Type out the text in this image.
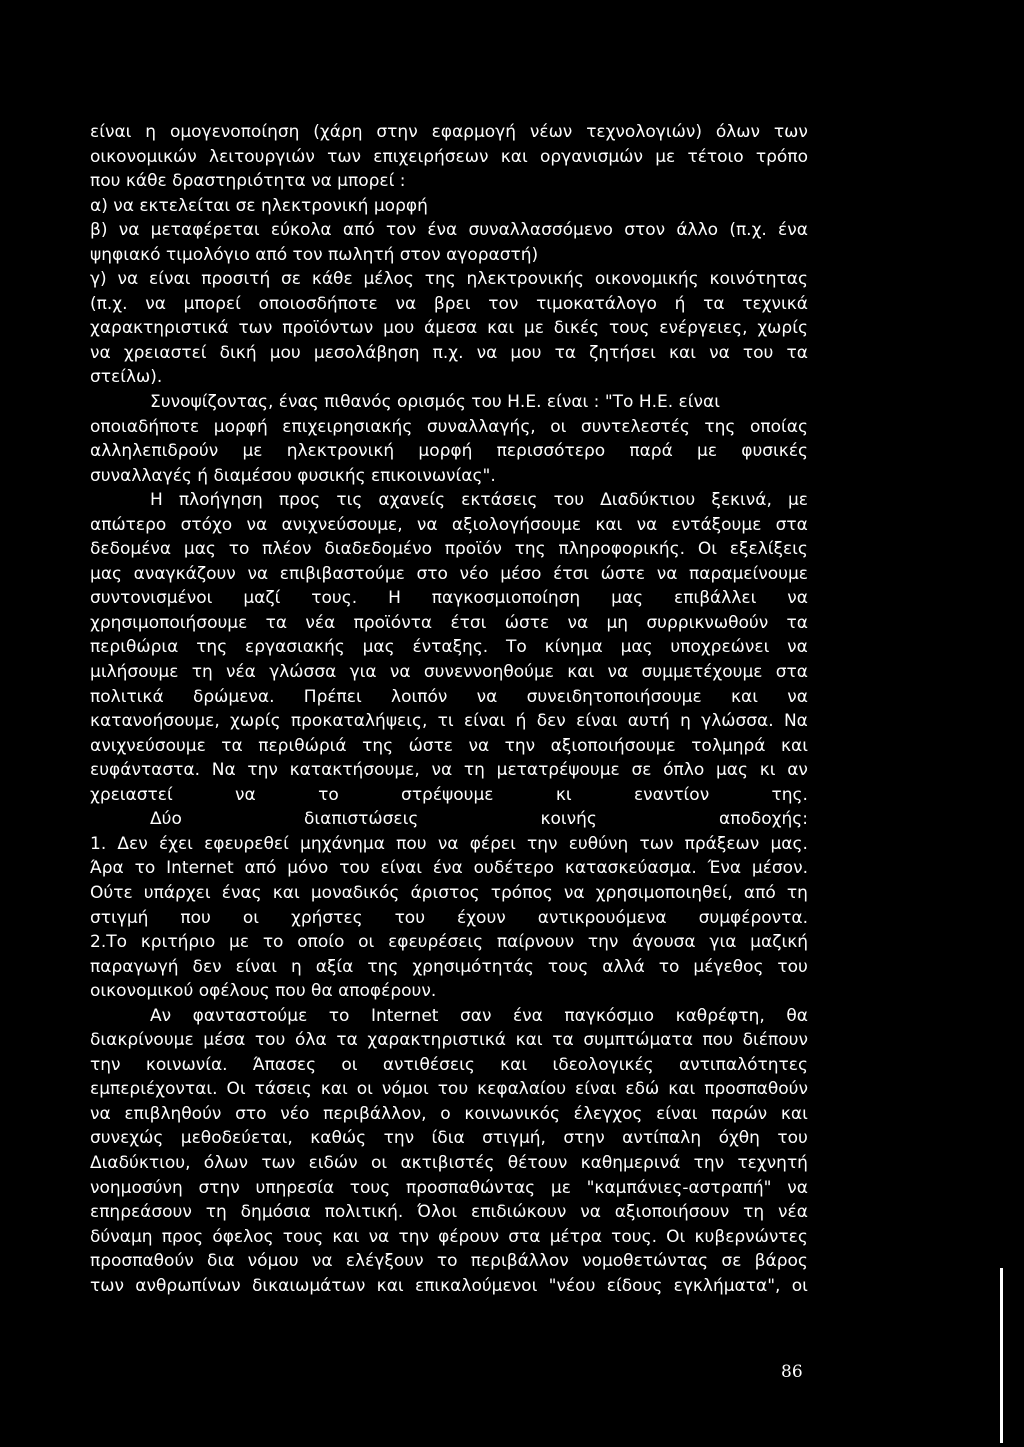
είναι η ομογενοποίηση (χάρη στην εφαρμογή νέων τεχνολογιών) όλων των
οικονομικών λειτουργιών των επιχειρήσεων και οργανισμών με τέτοιο τρόπο
που κάθε δραστηριότητα να μπορεί :
α) να εκτελείται σε ηλεκτρονική μορφή
β) να μεταφέρεται εύκολα από τον ένα συναλλασσόμενο στον άλλο (π.χ. ένα
ψηφιακό τιμολόγιο από τον πωλητή στον αγοραστή)
γ) να είναι προσιτή σε κάθε μέλος της ηλεκτρονικής οικονομικής κοινότητας
(π.χ. να μπορεί οποιοσδήποτε να βρει τον τιμοκατάλογο ή τα τεχνικά
χαρακτηριστικά των προϊόντων μου άμεσα και με δικές τους ενέργειες, χωρίς
να χρειαστεί δική μου μεσολάβηση π.χ. να μου τα ζητήσει και να του τα
στείλω).
Συνοψίζοντας, ένας πιθανός ορισμός του Η.Ε. είναι : "Το Η.Ε. είναι
οποιαδήποτε μορφή επιχειρησιακής συναλλαγής, οι συντελεστές της οποίας
αλληλεπιδρούν με ηλεκτρονική μορφή περισσότερο παρά με φυσικές
συναλλαγές ή διαμέσου φυσικής επικοινωνίας".
Η πλοήγηση προς τις αχανείς εκτάσεις του Διαδύκτιου ξεκινά, με
απώτερο στόχο να ανιχνεύσουμε, να αξιολογήσουμε και να εντάξουμε στα
δεδομένα μας το πλέον διαδεδομένο προϊόν της πληροφορικής. Οι εξελίξεις
μας αναγκάζουν να επιβιβαστούμε στο νέο μέσο έτσι ώστε να παραμείνουμε
συντονισμένοι μαζί τους. Η παγκοσμιοποίηση μας επιβάλλει να
χρησιμοποιήσουμε τα νέα προϊόντα έτσι ώστε να μη συρρικνωθούν τα
περιθώρια της εργασιακής μας ένταξης. Το κίνημα μας υποχρεώνει να
μιλήσουμε τη νέα γλώσσα για να συνεννοηθούμε και να συμμετέχουμε στα
πολιτικά δρώμενα. Πρέπει λοιπόν να συνειδητοποιήσουμε και να
κατανοήσουμε, χωρίς προκαταλήψεις, τι είναι ή δεν είναι αυτή η γλώσσα. Να
ανιχνεύσουμε τα περιθώριά της ώστε να την αξιοποιήσουμε τολμηρά και
ευφάνταστα. Να την κατακτήσουμε, να τη μετατρέψουμε σε όπλο μας κι αν
χρειαστεί	να	το	στρέψουμε	κι	εναντίον	της.
Δύο	διαπιστώσεις	κοινής	αποδοχής:
1. Δεν έχει εφευρεθεί μηχάνημα που να φέρει την ευθύνη των πράξεων μας.
Άρα το Internet από μόνο του είναι ένα ουδέτερο κατασκεύασμα. Ένα μέσον.
Ούτε υπάρχει ένας και μοναδικός άριστος τρόπος να χρησιμοποιηθεί, από τη
στιγμή που οι χρήστες του έχουν αντικρουόμενα συμφέροντα.
2.Το κριτήριο με το οποίο οι εφευρέσεις παίρνουν την άγουσα για μαζική
παραγωγή δεν είναι η αξία της χρησιμότητάς τους αλλά το μέγεθος του
οικονομικού οφέλους που θα αποφέρουν.
Αν φανταστούμε το Internet σαν ένα παγκόσμιο καθρέφτη, θα
διακρίνουμε μέσα του όλα τα χαρακτηριστικά και τα συμπτώματα που διέπουν
την κοινωνία. Άπασες οι αντιθέσεις και ιδεολογικές αντιπαλότητες
εμπεριέχονται. Οι τάσεις και οι νόμοι του κεφαλαίου είναι εδώ και προσπαθούν
να επιβληθούν στο νέο περιβάλλον, ο κοινωνικός έλεγχος είναι παρών και
συνεχώς μεθοδεύεται, καθώς την ίδια στιγμή, στην αντίπαλη όχθη του
Διαδύκτιου, όλων των ειδών οι ακτιβιστές θέτουν καθημερινά την τεχνητή
νοημοσύνη στην υπηρεσία τους προσπαθώντας με "καμπάνιες-αστραπή" να
επηρεάσουν τη δημόσια πολιτική. Όλοι επιδιώκουν να αξιοποιήσουν τη νέα
δύναμη προς όφελος τους και να την φέρουν στα μέτρα τους. Οι κυβερνώντες
προσπαθούν δια νόμου να ελέγξουν το περιβάλλον νομοθετώντας σε βάρος
των ανθρωπίνων δικαιωμάτων και επικαλούμενοι "νέου είδους εγκλήματα", οι
86
